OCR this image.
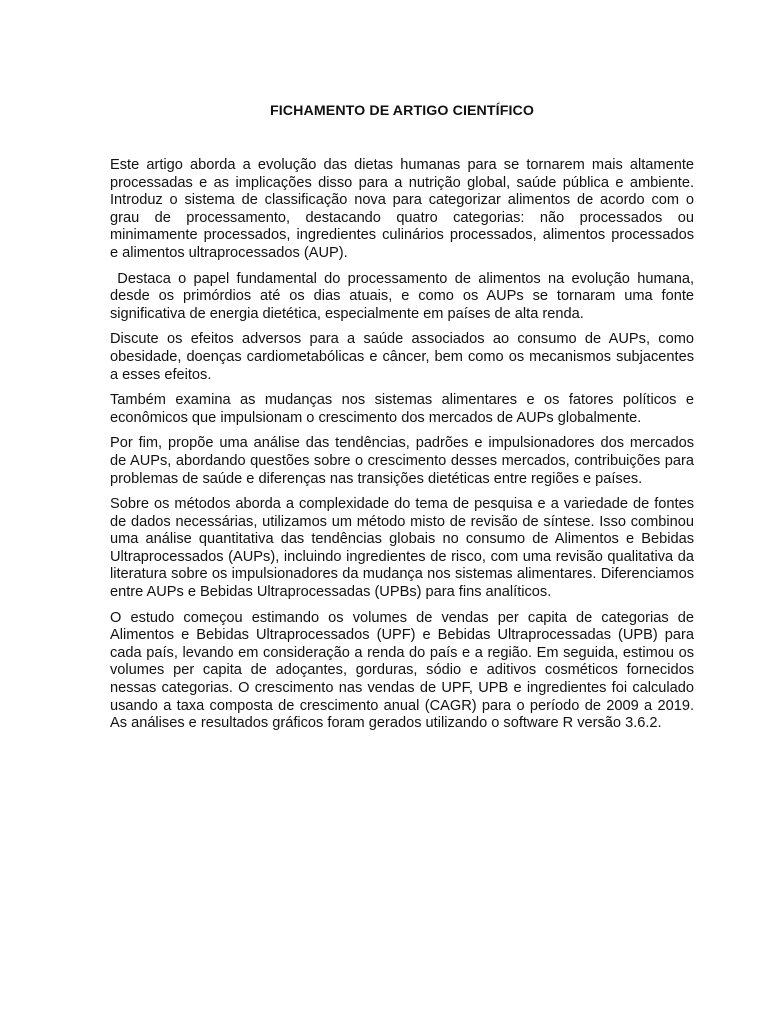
FICHAMENTO DE ARTIGO CIENTÍFICO

Este artigo aborda a evolução das dietas humanas para se tornarem mais altamente processadas e as implicações disso para a nutrição global, saúde pública e ambiente. Introduz o sistema de classificação nova para categorizar alimentos de acordo com o grau de processamento, destacando quatro categorias: não processados ou minimamente processados, ingredientes culinários processados, alimentos processados e alimentos ultraprocessados (AUP).

Destaca o papel fundamental do processamento de alimentos na evolução humana, desde os primórdios até os dias atuais, e como os AUPs se tornaram uma fonte significativa de energia dietética, especialmente em países de alta renda.

Discute os efeitos adversos para a saúde associados ao consumo de AUPs, como obesidade, doenças cardiometabólicas e câncer, bem como os mecanismos subjacentes a esses efeitos.

Também examina as mudanças nos sistemas alimentares e os fatores políticos e econômicos que impulsionam o crescimento dos mercados de AUPs globalmente.

Por fim, propõe uma análise das tendências, padrões e impulsionadores dos mercados de AUPs, abordando questões sobre o crescimento desses mercados, contribuições para problemas de saúde e diferenças nas transições dietéticas entre regiões e países.

Sobre os métodos aborda a complexidade do tema de pesquisa e a variedade de fontes de dados necessárias, utilizamos um método misto de revisão de síntese. Isso combinou uma análise quantitativa das tendências globais no consumo de Alimentos e Bebidas Ultraprocessados (AUPs), incluindo ingredientes de risco, com uma revisão qualitativa da literatura sobre os impulsionadores da mudança nos sistemas alimentares. Diferenciamos entre AUPs e Bebidas Ultraprocessadas (UPBs) para fins analíticos.

O estudo começou estimando os volumes de vendas per capita de categorias de Alimentos e Bebidas Ultraprocessados (UPF) e Bebidas Ultraprocessadas (UPB) para cada país, levando em consideração a renda do país e a região. Em seguida, estimou os volumes per capita de adoçantes, gorduras, sódio e aditivos cosméticos fornecidos nessas categorias. O crescimento nas vendas de UPF, UPB e ingredientes foi calculado usando a taxa composta de crescimento anual (CAGR) para o período de 2009 a 2019. As análises e resultados gráficos foram gerados utilizando o software R versão 3.6.2.
